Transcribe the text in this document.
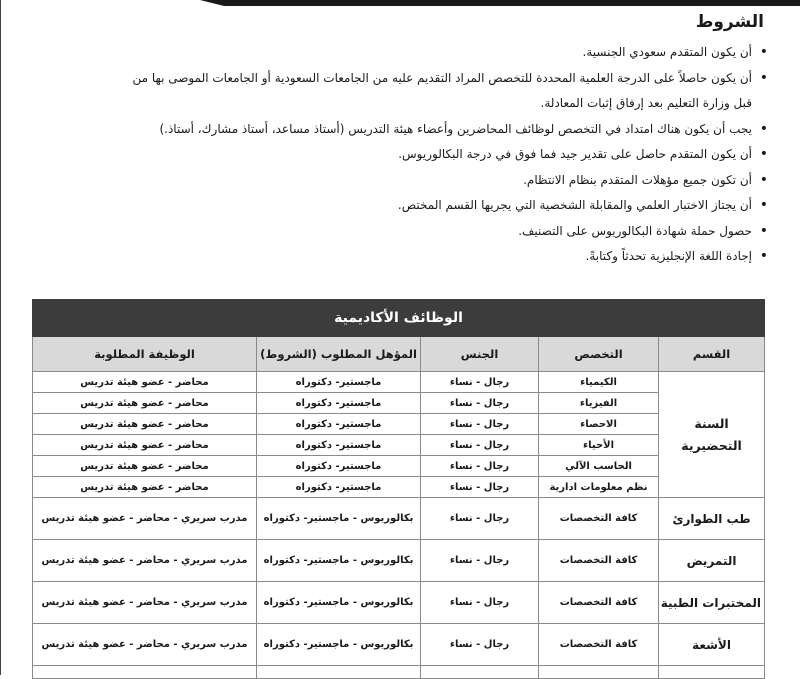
الشروط
• أن يكون المتقدم سعودي الجنسية.
• أن يكون حاصلاً على الدرجة العلمية المحددة للتخصص المراد التقديم عليه من الجامعات السعودية أو الجامعات الموصى بها من
قبل وزارة التعليم بعد إرفاق إثبات المعادلة.
• يجب أن يكون هناك امتداد في التخصص لوظائف المحاضرين وأعضاء هيئة التدريس (أستاذ مساعد، أستاذ مشارك، أستاذ.)
• أن يكون المتقدم حاصل على تقدير جيد فما فوق في درجة البكالوريوس.
• أن تكون جميع مؤهلات المتقدم بنظام الانتظام.
• أن يجتاز الاختبار العلمي والمقابلة الشخصية التي يجريها القسم المختص.
• حصول حملة شهادة البكالوريوس على التصنيف.
• إجادة اللغة الإنجليزية تحدثاً وكتابةً.
الوظائف الأكاديمية				
القسم	التخصص	الجنس	المؤهل المطلوب (الشروط)	الوظيفة المطلوبة
السنة التحضيرية	الكيمياء	رجال - نساء	ماجستير- دكتوراه	محاضر - عضو هيئة تدريس
	الفيزياء	رجال - نساء	ماجستير- دكتوراه	محاضر - عضو هيئة تدريس
	الاحصاء	رجال - نساء	ماجستير- دكتوراه	محاضر - عضو هيئة تدريس
	الأحياء	رجال - نساء	ماجستير- دكتوراه	محاضر - عضو هيئة تدريس
	الحاسب الآلي	رجال - نساء	ماجستير- دكتوراه	محاضر - عضو هيئة تدريس
	نظم معلومات ادارية	رجال - نساء	ماجستير- دكتوراه	محاضر - عضو هيئة تدريس
طب الطوارئ	كافة التخصصات	رجال - نساء	بكالوريوس - ماجستير- دكتوراه	مدرب سريري - محاضر - عضو هيئة تدريس
التمريض	كافة التخصصات	رجال - نساء	بكالوريوس - ماجستير- دكتوراه	مدرب سريري - محاضر - عضو هيئة تدريس
المختبرات الطبية	كافة التخصصات	رجال - نساء	بكالوريوس - ماجستير- دكتوراه	مدرب سريري - محاضر - عضو هيئة تدريس
الأشعة	كافة التخصصات	رجال - نساء	بكالوريوس - ماجستير- دكتوراه	مدرب سريري - محاضر - عضو هيئة تدريس
